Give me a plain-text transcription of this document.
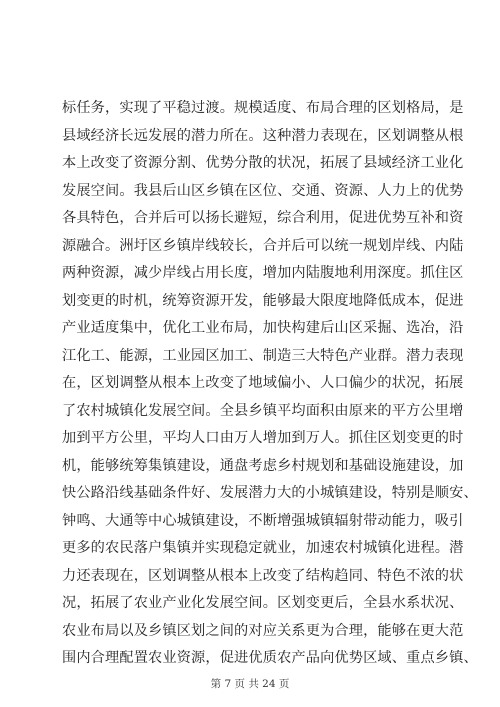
标任务，实现了平稳过渡。规模适度、布局合理的区划格局，是
县域经济长远发展的潜力所在。这种潜力表现在，区划调整从根
本上改变了资源分割、优势分散的状况，拓展了县域经济工业化
发展空间。我县后山区乡镇在区位、交通、资源、人力上的优势
各具特色，合并后可以扬长避短，综合利用，促进优势互补和资
源融合。洲圩区乡镇岸线较长，合并后可以统一规划岸线、内陆
两种资源，减少岸线占用长度，增加内陆腹地利用深度。抓住区
划变更的时机，统筹资源开发，能够最大限度地降低成本，促进
产业适度集中，优化工业布局，加快构建后山区采掘、选冶，沿
江化工、能源，工业园区加工、制造三大特色产业群。潜力表现
在，区划调整从根本上改变了地域偏小、人口偏少的状况，拓展
了农村城镇化发展空间。全县乡镇平均面积由原来的平方公里增
加到平方公里，平均人口由万人增加到万人。抓住区划变更的时
机，能够统筹集镇建设，通盘考虑乡村规划和基础设施建设，加
快公路沿线基础条件好、发展潜力大的小城镇建设，特别是顺安、
钟鸣、大通等中心城镇建设，不断增强城镇辐射带动能力，吸引
更多的农民落户集镇并实现稳定就业，加速农村城镇化进程。潜
力还表现在，区划调整从根本上改变了结构趋同、特色不浓的状
况，拓展了农业产业化发展空间。区划变更后，全县水系状况、
农业布局以及乡镇区划之间的对应关系更为合理，能够在更大范
围内合理配置农业资源，促进优质农产品向优势区域、重点乡镇、
第 7 页 共 24 页
